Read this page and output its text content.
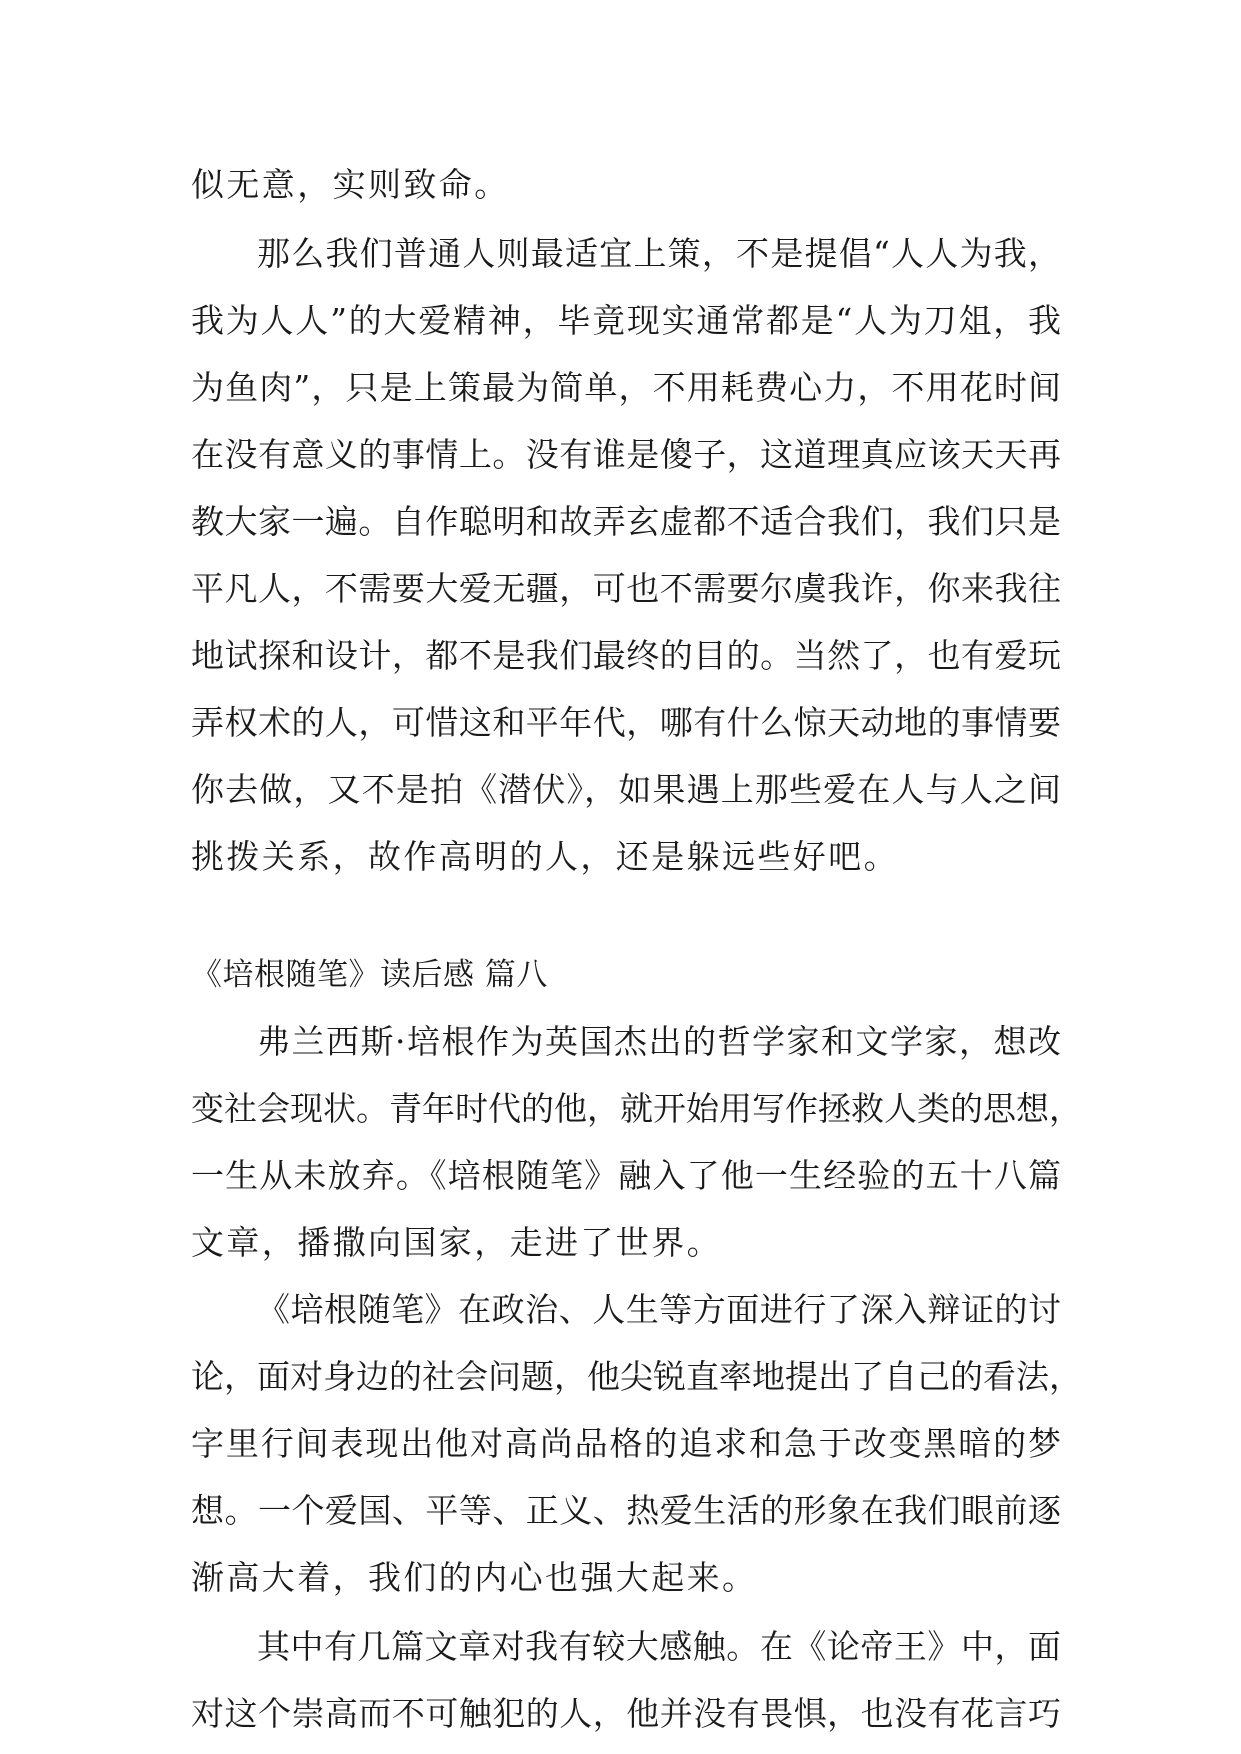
似无意，实则致命。
那么我们普通人则最适宜上策，不是提倡“人人为我，
我为人人”的大爱精神，毕竟现实通常都是“人为刀俎，我
为鱼肉”，只是上策最为简单，不用耗费心力，不用花时间
在没有意义的事情上。没有谁是傻子，这道理真应该天天再
教大家一遍。自作聪明和故弄玄虚都不适合我们，我们只是
平凡人，不需要大爱无疆，可也不需要尔虞我诈，你来我往
地试探和设计，都不是我们最终的目的。当然了，也有爱玩
弄权术的人，可惜这和平年代，哪有什么惊天动地的事情要
你去做，又不是拍《潜伏》，如果遇上那些爱在人与人之间
挑拨关系，故作高明的人，还是躲远些好吧。
《培根随笔》读后感 篇八
弗兰西斯·培根作为英国杰出的哲学家和文学家，想改
变社会现状。青年时代的他，就开始用写作拯救人类的思想，
一生从未放弃。《培根随笔》融入了他一生经验的五十八篇
文章，播撒向国家，走进了世界。
《培根随笔》在政治、人生等方面进行了深入辩证的讨
论，面对身边的社会问题，他尖锐直率地提出了自己的看法，
字里行间表现出他对高尚品格的追求和急于改变黑暗的梦
想。一个爱国、平等、正义、热爱生活的形象在我们眼前逐
渐高大着，我们的内心也强大起来。
其中有几篇文章对我有较大感触。在《论帝王》中，面
对这个崇高而不可触犯的人，他并没有畏惧，也没有花言巧
